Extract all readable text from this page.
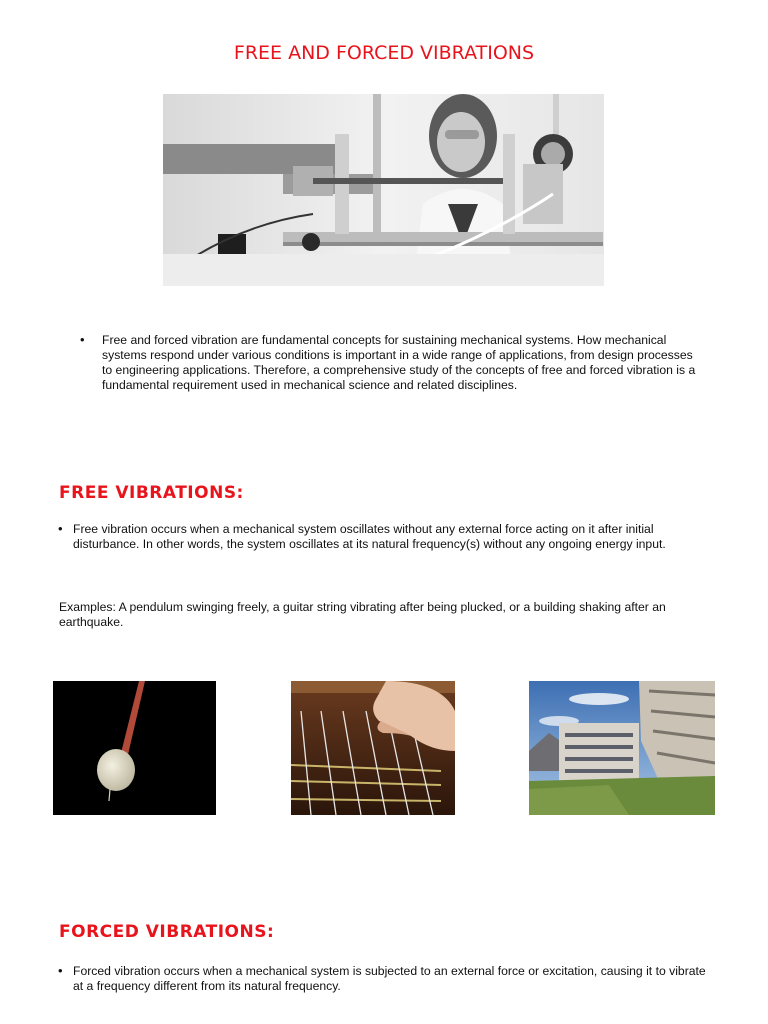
FREE AND FORCED VIBRATIONS
• Free and forced vibration are fundamental concepts for sustaining mechanical systems. How mechanical systems respond under various conditions is important in a wide range of applications, from design processes to engineering applications. Therefore, a comprehensive study of the concepts of free and forced vibration is a fundamental requirement used in mechanical science and related disciplines.
FREE VIBRATIONS:
• Free vibration occurs when a mechanical system oscillates without any external force acting on it after initial disturbance. In other words, the system oscillates at its natural frequency(s) without any ongoing energy input.
Examples: A pendulum swinging freely, a guitar string vibrating after being plucked, or a building shaking after an earthquake.
FORCED VIBRATIONS:
• Forced vibration occurs when a mechanical system is subjected to an external force or excitation, causing it to vibrate at a frequency different from its natural frequency.
